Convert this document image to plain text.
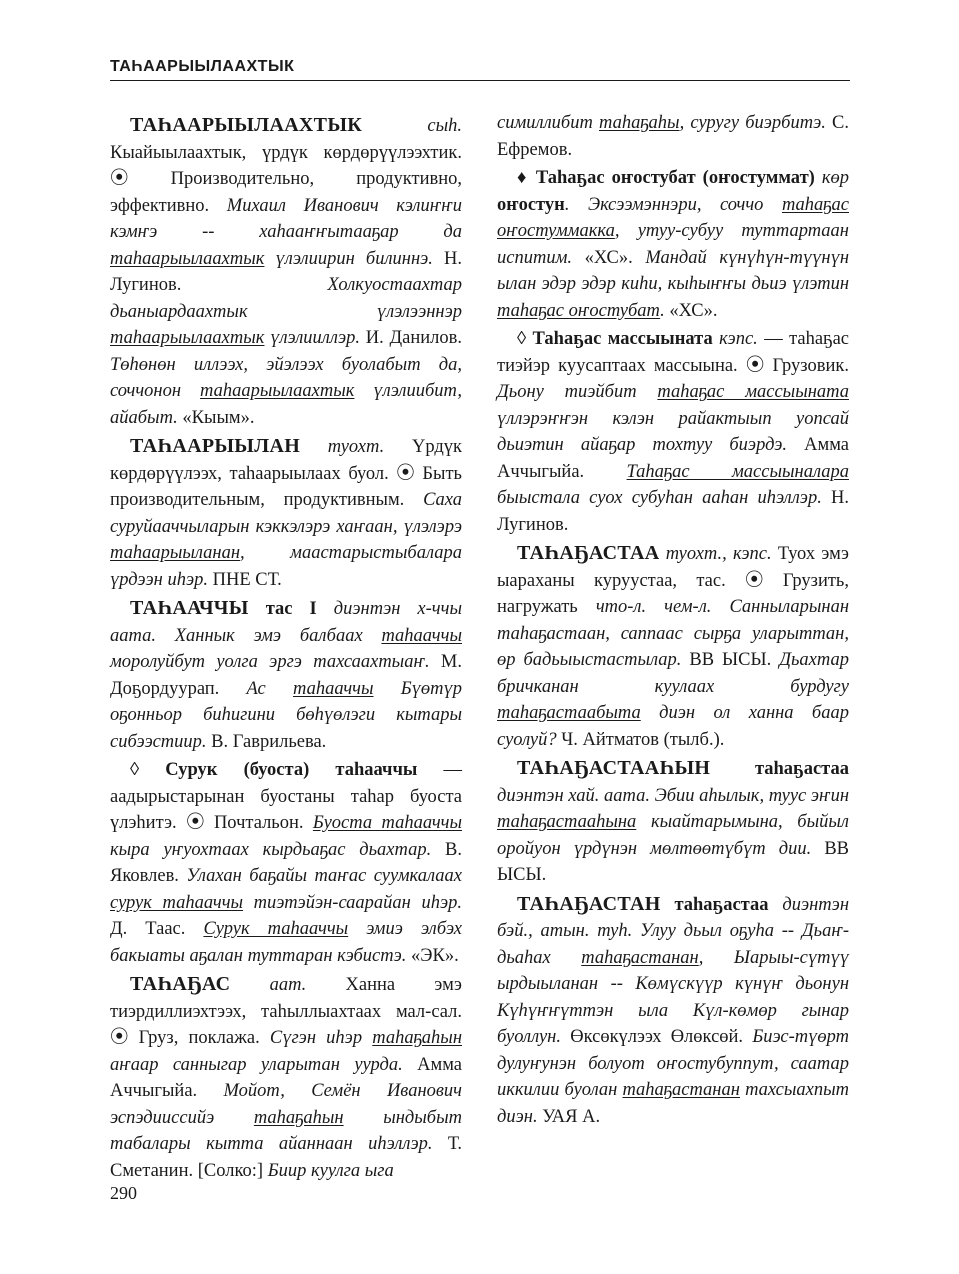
ТАҺААРЫЫЛААХТЫК

ТАҺААРЫЫЛААХТЫК сыһ. Кыайыылаахтык, үрдүк көрдөрүүлээхтик. ⦿ Производительно, продуктивно, эффективно. Михаил Иванович кэлиҥҥи кэмҥэ -- хаһааҥҥытааҕар да таһаарыылаахтык үлэлиирин билиннэ. Н. Лугинов. Холкуостаахтар дьаныардаахтык үлэлээннэр таһаарыылаахтык үлэлииллэр. И. Данилов. Төһөнөн иллээх, эйэлээх буолабыт да, соччонон таһаарыылаахтык үлэлиибит, айабыт. «Кыым».

ТАҺААРЫЫЛАН туохт. Үрдүк көрдөрүүлээх, таһаарыылаах буол. ⦿ Быть производительным, продуктивным. Саха суруйааччыларын кэккэлэрэ хаҥаан, үлэлэрэ таһаарыыланан, маастарыстыбалара үрдээн иһэр. ПНЕ СТ.

ТАҺААЧЧЫ тас I диэнтэн х-ччы аата. Ханнык эмэ балбаах таһааччы моролуйбут уолга эргэ тахсаахтыаҥ. М. Доҕордуурап. Ас таһааччы Бүөтүр оҕонньор биһигини бөһүөлэги кытары сибээстиир. В. Гаврильева.

◊ Сурук (буоста) таһааччы — аадырыстарынан буостаны таһар буоста үлэһитэ. ⦿ Почтальон. Буоста таһааччы кыра уҥуохтаах кырдьаҕас дьахтар. В. Яковлев. Улахан баҕайы таҥас суумкалаах сурук таһааччы тиэтэйэн-саарайан иһэр. Д. Таас. Сурук таһааччы эмиэ элбэх бакыаты аҕалан туттаран кэбистэ. «ЭК».

ТАҺАҔАС аат. Ханна эмэ тиэрдиллиэхтээх, таһыллыахтаах мал-сал. ⦿ Груз, поклажа. Сүгэн иһэр таһаҕаһын аҥаар санныгар уларытан уурда. Амма Аччыгыйа. Мойот, Семён Иванович эспэдииссийэ таһаҕаһын ындыбыт табалары кытта айаннаан иһэллэр. Т. Сметанин. [Солко:] Биир куулга ыга

симиллибит таһаҕаһы, суругу биэрбитэ. С. Ефремов.

♦ Таһаҕас оҥостубат (оҥостуммат) көр оҥостун. Эксээмэннэри, соччо таһаҕас оҥостуммакка, утуу-субуу туттартаан испитим. «ХС». Мандай күнүһүн-түүнүн ылан эдэр эдэр киһи, кыһыҥҥы дьиэ үлэтин таһаҕас оҥостубат. «ХС».

◊ Таһаҕас массыыната кэпс. — таһаҕас тиэйэр куусаптаах массыына. ⦿ Грузовик. Дьону тиэйбит таһаҕас массыыната үллэрэҥҥэн кэлэн райактыып уопсай дьиэтин айаҕар тохтуу биэрдэ. Амма Аччыгыйа. Таһаҕас массыыналара быыстала суох субуһан ааһан иһэллэр. Н. Лугинов.

ТАҺАҔАСТАА туохт., кэпс. Туох эмэ ыараханы куруустаа, тас. ⦿ Грузить, нагружать что-л. чем-л. Санныларынан таһаҕастаан, саппаас сырҕа уларыттан, өр бадьыыстастылар. ВВ ЫСЫ. Дьахтар бричканан куулаах бурдугу таһаҕастаабыта диэн ол ханна баар суолуй? Ч. Айтматов (тылб.).

ТАҺАҔАСТААҺЫН таһаҕастаа диэнтэн хай. аата. Эбии аһылык, туус эҥин таһаҕастааһына кыайтарымына, быйыл оройуон үрдүнэн мөлтөөтүбүт дии. ВВ ЫСЫ.

ТАҺАҔАСТАН таһаҕастаа диэнтэн бэй., атын. туһ. Улуу дьыл оҕуһа -- Дьаҥ-дьаһах таһаҕастанан, Ыарыы-сүтүү ырдыыланан -- Көмүскүүр күнүҥ дьонун Күһүҥҥүттэн ыла Күл-көмөр гынар буоллун. Өксөкүлээх Өлөксөй. Биэс-түөрт дулуҥунэн болуот оҥостубуппут, саатар иккилии буолан таһаҕастанан тахсыахпыт диэн. УАЯ А.

290
